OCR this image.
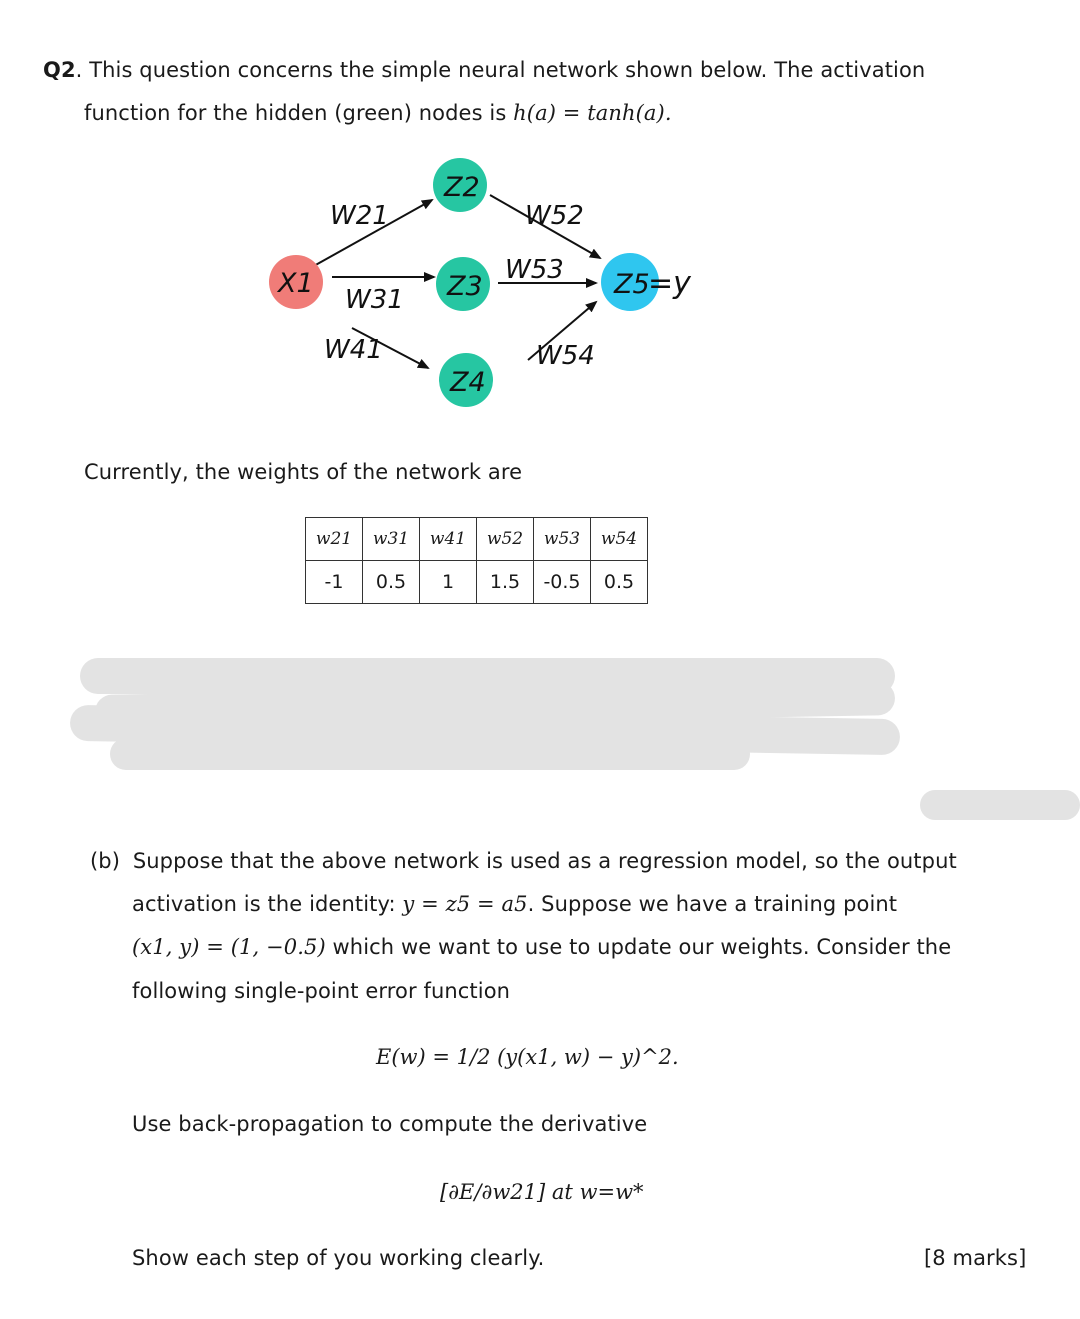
Q2. This question concerns the simple neural network shown below. The activation
function for the hidden (green) nodes is h(a) = tanh(a).
X1
Z2
Z3
Z4
Z5
=y
W21
W31
W41
W52
W53
W54
Currently, the weights of the network are
w21	w31	w41	w52	w53	w54
-1	0.5	1	1.5	-0.5	0.5
(b) Suppose that the above network is used as a regression model, so the output
activation is the identity: y = z5 = a5. Suppose we have a training point
(x1, y) = (1, −0.5) which we want to use to update our weights. Consider the
following single-point error function
E(w) = 1/2 (y(x1, w) − y)^2.
Use back-propagation to compute the derivative
[∂E/∂w21] at w=w*
Show each step of you working clearly.	[8 marks]
